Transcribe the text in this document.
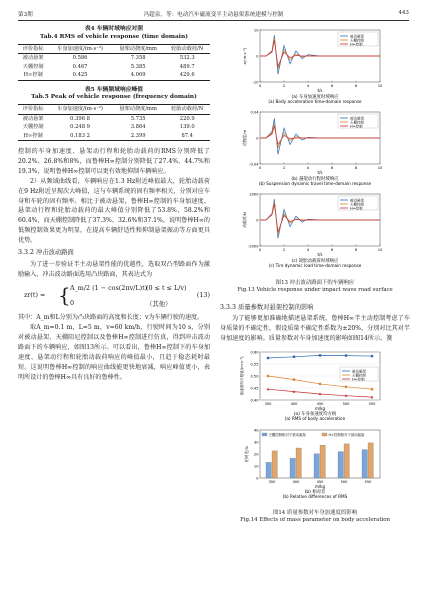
第3期	冯超泉，等：电动汽车磁流变半主动悬架系统建模与控制	443
表4 车辆时域响应对照
Tab.4 RMS of vehicle response (time domain)
评价指标	车身加速度/(m·s⁻²)	悬架动挠度/mm	轮胎动载荷/N
被动悬架	0.586	7.358	532.3
天棚控制	0.467	5.385	489.7
H∞控制	0.425	4.069	429.6
表5 车辆频域响应峰值
Tab.5 Peak of vehicle response (frequency domain)
评价指标	车身加速度/(m·s⁻²)	悬架动挠度/mm	轮胎动载荷/N
被动悬架	0.396 8	5.735	220.9
天棚控制	0.248 9	3.864	139.0
H∞控制	0.183 2	2.399	87.4

控制的车身加速度、悬架动行程和轮胎动载荷的RMS分别降低了20.2%、26.8%和8%，而鲁棒H∞控制分别降低了27.4%、44.7%和19.3%，说明鲁棒H∞控制可以更有效地抑制车辆响应。

2）从频域曲线看，车辆响应在1.3 Hz附近峰值最大，轮胎动载荷在9 Hz附近呈现次大峰值，这与车辆系统的固有频率相关，分别对应车身和车轮的固有频率。相比于被动悬架，鲁棒H∞控制的车身加速度、悬架动行程和轮胎动载荷的最大峰值分别降低了53.8%、58.2%和60.4%，而天棚控制降低了37.3%、32.6%和37.1%，说明鲁棒H∞的低频控制效果更为明显，在提高车辆舒适性和抑制悬架振动等方面更具优势。

3.3.2 冲击波动路面

为了进一步验证半主动悬架性能的优越性，选取双凸型路面作为激励输入，冲击波动路面选用凸块路面，其表达式为

zr(t) = { A_m/2 (1 − cos(2πv/L)t)
(0 ≤ t ≤ L/v)
0	（其他）
(13)

其中：A_m和L分别为凸块路面的高度和长度；v为车辆行驶的速度。

取A_m=0.1 m，L=5 m，v=60 km/h，行驶时间为10 s，分别对被动悬架、天棚阻尼控制以及鲁棒H∞控制进行仿真，得到冲击波动路面下的车辆响应，如图13所示。可以看出，鲁棒H∞控制下的车身加速度、悬架动行程和轮胎动载荷响应的峰值最小，且趋于稳态耗时最短。这说明鲁棒H∞控制的响应曲线能更快地衰减，响应峰值更小，表明所设计的鲁棒H∞具有良好的鲁棒性。

0	2	4	6	8	10
-10
0
10
t/s
a/(m·s⁻²)
被动悬架
天棚控制
H∞控制
(a) 车身加速度时域响应
(a) Body acceleration time-domain response
0	2	4	6	8	10
-0.04
0
0.04
t/s
动挠度/m
被动悬架
天棚控制
H∞控制
(b) 悬架动行程时域响应
(b) Suspension dynamic travel time-domain response
0	2	4	6	8	10
-2000
0
2000
t/s
动载荷/N
被动悬架
天棚控制
H∞控制
(c) 轮胎动载荷时域响应
(c) Tire dynamic load time-domain response
图13 冲击波动路面下的车辆响应
Fig.13 Vehicle response under impact wave road surface
3.3.3 质量参数对悬架控制的影响

为了能够更加准确地描述悬架系统，鲁棒H∞半主动控制考虑了车身质量的不确定性，假设质量不确定性系数为±20%，分别对比其对半身加速度的影响。质量参数对车身加速度的影响如图14所示。簧

350	400	450	500	550
0.40
0.45
0.50
0.55
0.60
m/kg
加速度均方根值/(m·s⁻²)	被动悬架
天棚控制
H∞控制
(a) 车身加速度均方根
(a) RMS of body acceleration
0
10
20
30
40
350	400	450	500	550
m/kg
相对差/%
天棚控制相对于被动悬架	H∞控制相对于被动悬架
(b) 相对差
(b) Relative differences of RMS
图14 质量参数对车身加速度的影响
Fig.14 Effects of mass parameter on body acceleration
